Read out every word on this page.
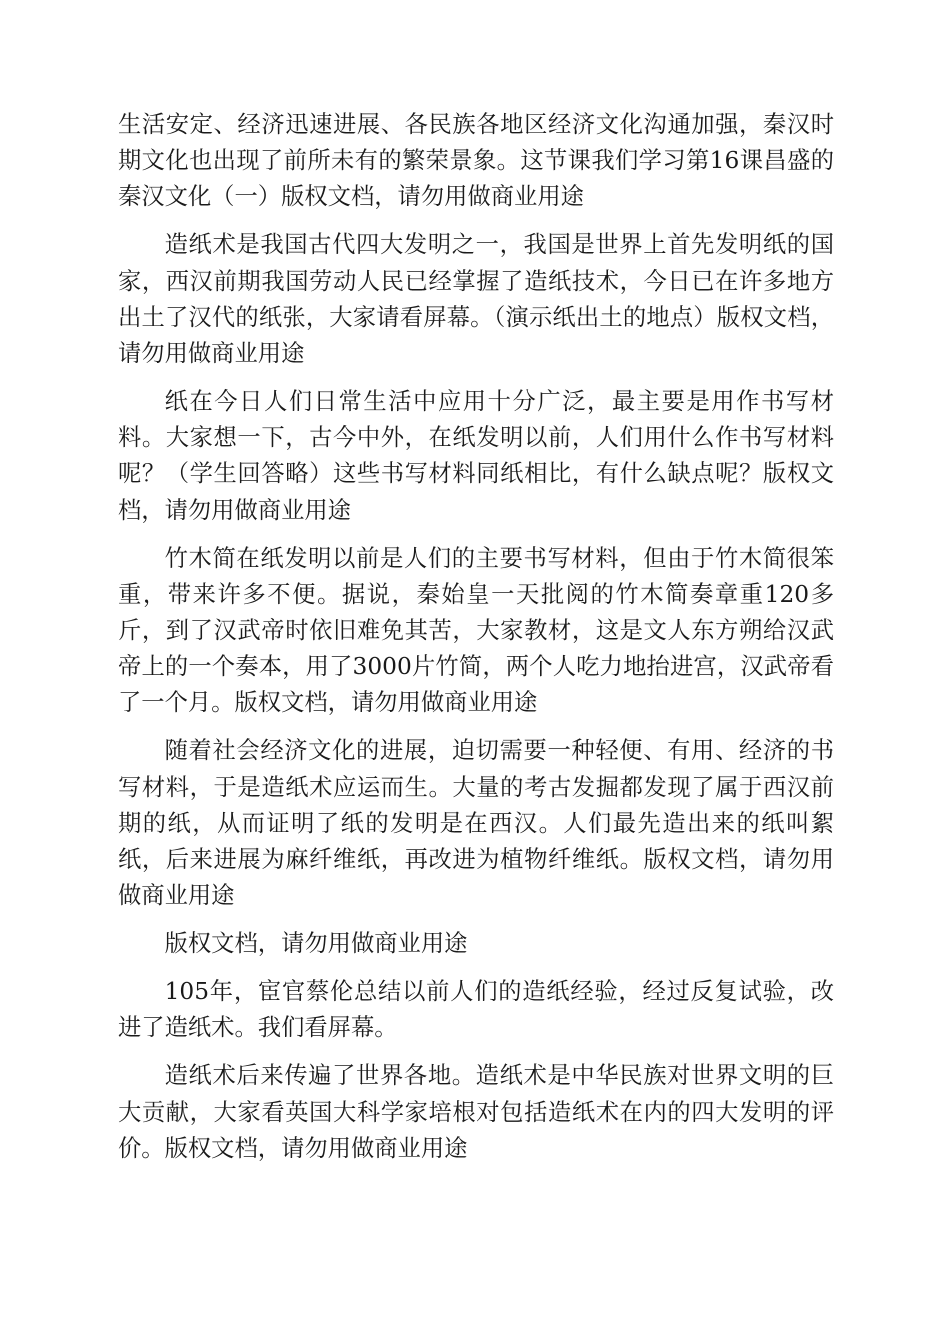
生活安定、经济迅速进展、各民族各地区经济文化沟通加强，秦汉时期文化也出现了前所未有的繁荣景象。这节课我们学习第16课昌盛的秦汉文化（一）版权文档，请勿用做商业用途

造纸术是我国古代四大发明之一，我国是世界上首先发明纸的国家，西汉前期我国劳动人民已经掌握了造纸技术，今日已在许多地方出土了汉代的纸张，大家请看屏幕。（演示纸出土的地点）版权文档，请勿用做商业用途

纸在今日人们日常生活中应用十分广泛，最主要是用作书写材料。大家想一下，古今中外，在纸发明以前，人们用什么作书写材料呢？（学生回答略）这些书写材料同纸相比，有什么缺点呢？版权文档，请勿用做商业用途

竹木简在纸发明以前是人们的主要书写材料，但由于竹木简很笨重，带来许多不便。据说，秦始皇一天批阅的竹木简奏章重120多斤，到了汉武帝时依旧难免其苦，大家教材，这是文人东方朔给汉武帝上的一个奏本，用了3000片竹简，两个人吃力地抬进宫，汉武帝看了一个月。版权文档，请勿用做商业用途

随着社会经济文化的进展，迫切需要一种轻便、有用、经济的书写材料，于是造纸术应运而生。大量的考古发掘都发现了属于西汉前期的纸，从而证明了纸的发明是在西汉。人们最先造出来的纸叫絮纸，后来进展为麻纤维纸，再改进为植物纤维纸。版权文档，请勿用做商业用途

版权文档，请勿用做商业用途

105年，宦官蔡伦总结以前人们的造纸经验，经过反复试验，改进了造纸术。我们看屏幕。

造纸术后来传遍了世界各地。造纸术是中华民族对世界文明的巨大贡献，大家看英国大科学家培根对包括造纸术在内的四大发明的评价。版权文档，请勿用做商业用途
